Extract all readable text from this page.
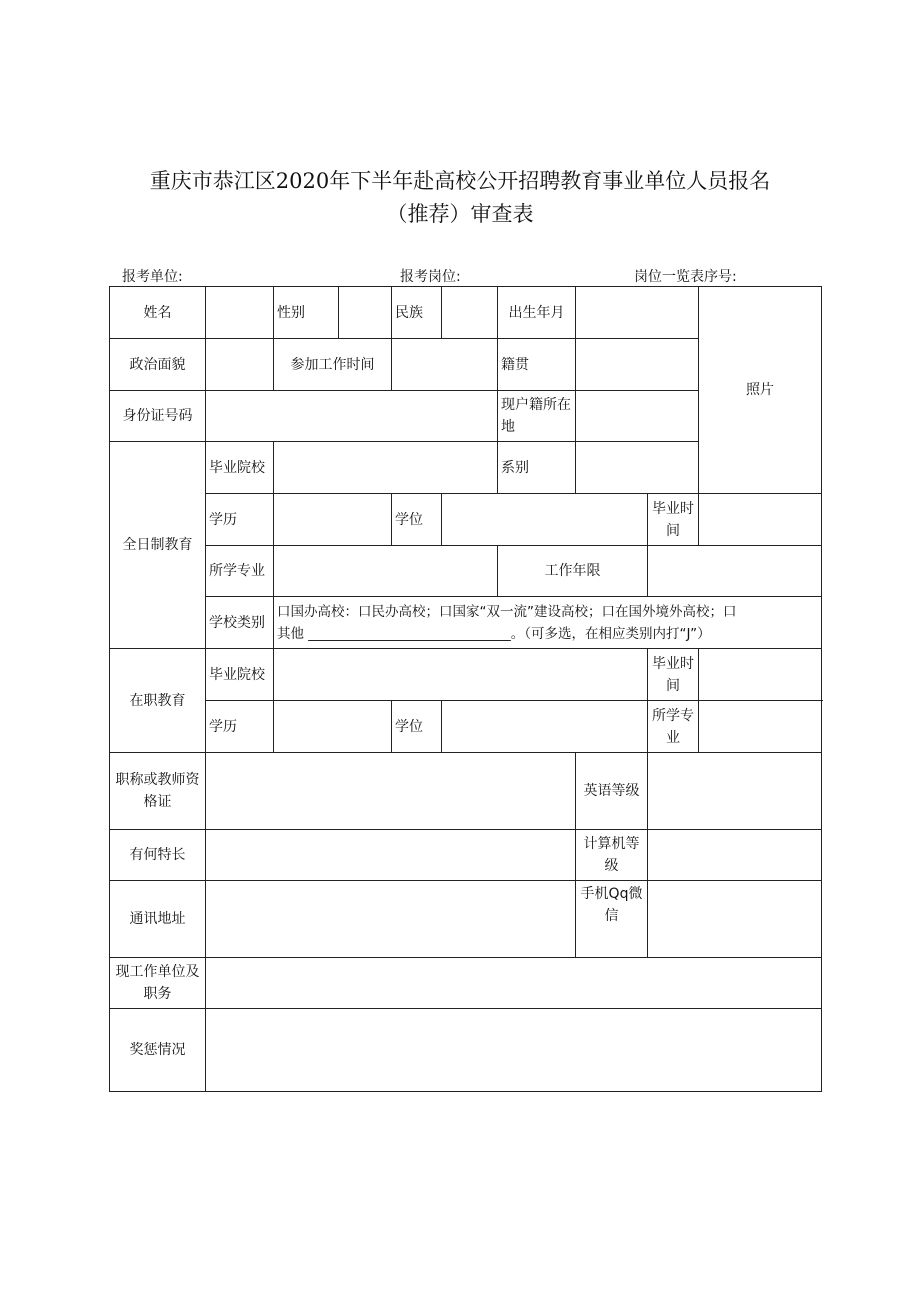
重庆市恭江区2020年下半年赴高校公开招聘教育事业单位人员报名
（推荐）审查表
报考单位:	报考岗位:	岗位一览表序号:
姓名		性别		民族		出生年月			照片
政治面貌		参加工作时间				籍贯			
身份证号码						现户籍所在地			
全日制教育	毕业院校					系别			
	学历			学位				毕业时间	
	所学专业					工作年限			
	学校类别	口国办高校：口民办高校；口国家“双一流”建设高校；口在国外境外高校；口
其他 ______________________________。（可多选，在相应类别内打“J”）							

在职教育	毕业院校							毕业时间	
	学历			学位				所学专业	
职称或教师资格证							英语等级		
有何特长							计算机等级		
通讯地址							手机Qq微信		
现工作单位及职务									
奖惩情况									
